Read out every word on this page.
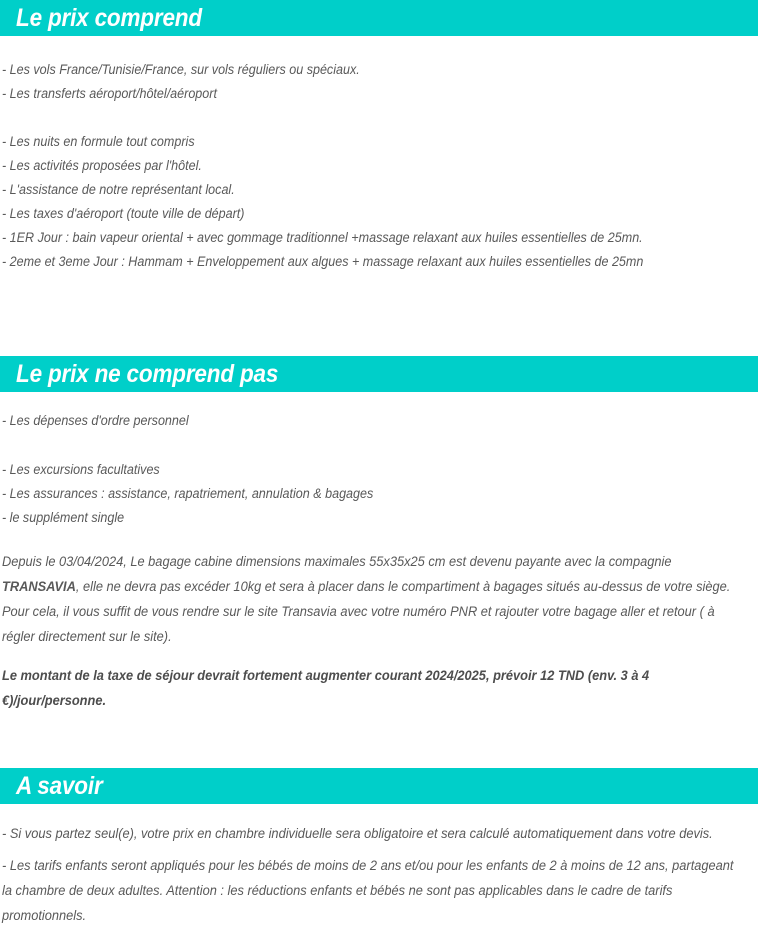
Le prix comprend
- Les vols France/Tunisie/France, sur vols réguliers ou spéciaux.
- Les transferts aéroport/hôtel/aéroport
- Les nuits en formule tout compris
- Les activités proposées par l'hôtel.
- L'assistance de notre représentant local.
- Les taxes d'aéroport (toute ville de départ)
- 1ER Jour : bain vapeur oriental + avec gommage traditionnel +massage relaxant aux huiles essentielles de 25mn.
- 2eme et 3eme Jour : Hammam + Enveloppement aux algues + massage relaxant aux huiles essentielles de 25mn
Le prix ne comprend pas
- Les dépenses d'ordre personnel
- Les excursions facultatives
- Les assurances : assistance, rapatriement, annulation & bagages
- le supplément single
Depuis le 03/04/2024, Le bagage cabine dimensions maximales 55x35x25 cm est devenu payante avec la compagnie TRANSAVIA, elle ne devra pas excéder 10kg et sera à placer dans le compartiment à bagages situés au-dessus de votre siège. Pour cela, il vous suffit de vous rendre sur le site Transavia avec votre numéro PNR et rajouter votre bagage aller et retour ( à régler directement sur le site).
Le montant de la taxe de séjour devrait fortement augmenter courant 2024/2025, prévoir 12 TND (env. 3 à 4 €)/jour/personne.
A savoir
- Si vous partez seul(e), votre prix en chambre individuelle sera obligatoire et sera calculé automatiquement dans votre devis.
- Les tarifs enfants seront appliqués pour les bébés de moins de 2 ans et/ou pour les enfants de 2 à moins de 12 ans, partageant la chambre de deux adultes. Attention : les réductions enfants et bébés ne sont pas applicables dans le cadre de tarifs promotionnels.
